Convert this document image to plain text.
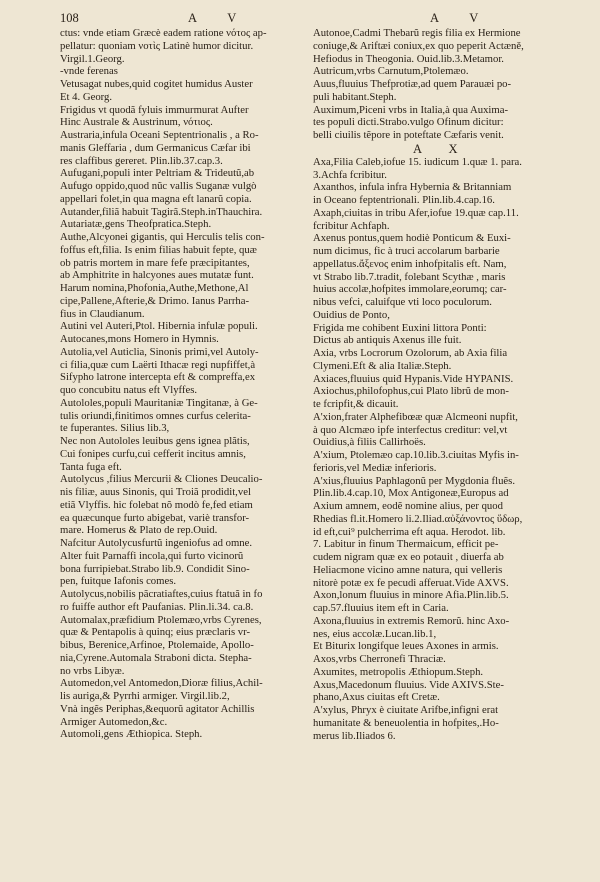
108	A V	A V
ctus: vnde etiam Græcè eadem ratione νότος ap-
pellatur: quoniam νοτὶς Latinè humor dicitur.
Virgil.1.Georg.
-vnde ferenas
Vetusagat nubes,quid cogitet humidus Auster
Et 4. Georg.
Frigidus vt quodã fyluis immurmurat Aufter
Hinc Australe & Austrinum, νότιος.
Austraria,infula Oceani Septentrionalis , a Ro-
manis Gleffaria , dum Germanicus Cæfar ibi
res claffibus gereret. Plin.lib.37.cap.3.
Aufugani,populi inter Peltriam & Trideutũ,ab
Aufugo oppido,quod nũc vallis Suganæ vulgò
appellari folet,in qua magna eft lanarũ copia.
Autander,filiã habuit Tagirã.Steph.inThauchira.
Autariatæ,gens Theofpratica.Steph.
Authe,Alcyonei gigantis, qui Herculis telis con-
foffus eft,filia. Is enim filias habuit fepte, quæ
ob patris mortem in mare fefe præcipitantes,
ab Amphitrite in halcyones aues mutatæ funt.
Harum nomina,Phofonia,Authe,Methone,Al
cipe,Pallene,Afterie,& Drimo. Ianus Parrha-
fius in Claudianum.
Autini vel Auteri,Ptol. Hibernia infulæ populi.
Autocanes,mons Homero in Hymnis.
Autolia,vel Auticlia, Sinonis primi,vel Autoly-
ci filia,quæ cum Laërti Ithacæ regi nupfiffet,à
Sifypho latrone intercepta eft & compreffa,ex
quo concubitu natus eft Vlyffes.
Autololes,populi Mauritaniæ Tingitanæ, à Ge-
tulis oriundi,finitimos omnes curfus celerita-
te fuperantes. Silius lib.3,
Nec non Autololes leuibus gens ignea plãtis,
Cui fonipes curfu,cui cefferit incitus amnis,
Tanta fuga eft.
Autolycus ,filius Mercurii & Cliones Deucalio-
nis filiæ, auus Sinonis, qui Troiã prodidit,vel
etiã Vlyffis. hic folebat nõ modò fe,fed etiam
ea quæcunque furto abigebat, variè transfor-
mare. Homerus & Plato de rep.Ouid.
Nafcitur Autolycusfurtũ ingeniofus ad omne.
Alter fuit Parnaffi incola,qui furto vicinorũ
bona furripiebat.Strabo lib.9. Condidit Sino-
pen, fuitque Iafonis comes.
Autolycus,nobilis pãcratiaftes,cuius ftatuã in fo
ro fuiffe author eft Paufanias. Plin.li.34. ca.8.
Automalax,præfidium Ptolemæo,vrbs Cyrenes,
quæ & Pentapolis à quinq; eius præclaris vr-
bibus, Berenice,Arfinoe, Ptolemaide, Apollo-
nia,Cyrene.Automala Straboni dicta. Stepha-
no vrbs Libyæ.
Automedon,vel Antomedon,Dioræ filius,Achil-
lis auriga,& Pyrrhi armiger. Virgil.lib.2,
Vnà ingẽs Periphas,&equorũ agitator Achillis
Armiger Automedon,&c.
Automoli,gens Æthiopica. Steph.
Autonoe,Cadmi Thebarũ regis filia ex Hermione
coniuge,& Ariftæi coniux,ex quo peperit Actæně,
Hefiodus in Theogonia. Ouid.lib.3.Metamor.
Autricum,vrbs Carnutum,Ptolemæo.
Auus,fluuius Thefprotiæ,ad quem Parauæi po-
puli habitant.Steph.
Auximum,Piceni vrbs in Italia,à qua Auxima-
tes populi dicti.Strabo.vulgo Ofinum dicitur:
belli ciuilis tẽpore in poteftate Cæfaris venit.
A X
Axa,Filia Caleb,iofue 15. iudicum 1.quæ 1. para.
3.Achfa fcribitur.
Axanthos, infula infra Hybernia & Britanniam
in Oceano feptentrionali. Plin.lib.4.cap.16.
Axaph,ciuitas in tribu Afer,iofue 19.quæ cap.11.
fcribitur Achfaph.
Axenus pontus,quem hodiè Ponticum & Euxi-
num dicimus, fic à truci accolarum barbarie
appellatus.ἄξενος enim inhofpitalis eft. Nam,
vt Strabo lib.7.tradit, folebant Scythæ , maris
huius accolæ,hofpites immolare,eorumq; car-
nibus vefci, caluifque vti loco poculorum.
Ouidius de Ponto,
Frigida me cohibent Euxini littora Ponti:
Dictus ab antiquis Axenus ille fuit.
Axia, vrbs Locrorum Ozolorum, ab Axia filia
Clymeni.Eft & alia Italiæ.Steph.
Axiaces,fluuius quiđ Hypanis.Vide HYPANIS.
Axiochus,philofophus,cui Plato librũ de mon-
te fcripfit,& dicauit.
A'xion,frater Alphefibœæ quæ Alcmeoni nupfit,
à quo Alcmæo ipfe interfectus creditur: vel,vt
Ouidius,à filiis Callirhoës.
A'xium, Ptolemæo cap.10.lib.3.ciuitas Myfis in-
ferioris,vel Mediæ inferioris.
A'xius,fluuius Paphlagonũ per Mygdonia fluẽs.
Plin.lib.4.cap.10, Mox Antigoneæ,Europus ad
Axium amnem, eodẽ nomine alius, per quod
Rhedias fl.it.Homero li.2.Iliad.αὐξάνοντος ὕδωρ,
id eft,cui⁹ pulcherrima eft aqua. Herodot. lib.
7. Labitur in finum Thermaicum, efficit pe-
cudem nigram quæ ex eo potauit , diuerfa ab
Heliacmone vicino amne natura, qui velleris
nitorè potæ ex fe pecudi afferuat.Vide AXVS.
Axon,lonum fluuius in minore Afia.Plin.lib.5.
cap.57.fluuius item eft in Caria.
Axona,fluuius in extremis Remorũ. hinc Axo-
nes, eius accolæ.Lucan.lib.1,
Et Biturix longifque leues Axones in armis.
Axos,vrbs Cherronefi Thraciæ.
Axumites, metropolis Æthiopum.Steph.
Axus,Macedonum fluuius. Vide AXIVS.Ste-
phano,Axus ciuitas eft Cretæ.
A'xylus, Phryx è ciuitate Arifbe,infigni erat
humanitate & beneuolentia in hofpites,.Ho-
merus lib.Iliados 6.
